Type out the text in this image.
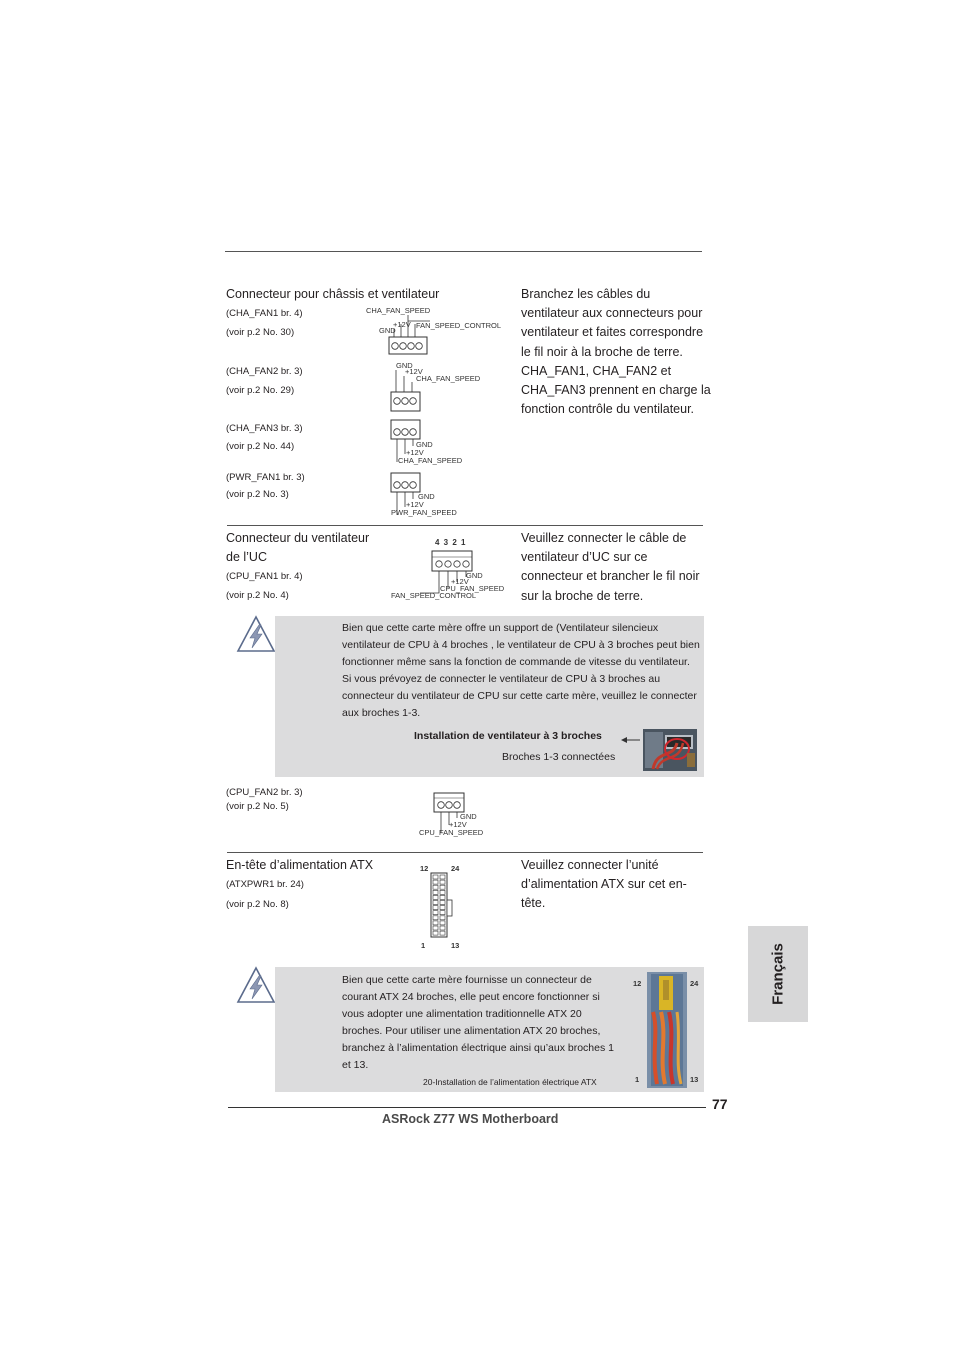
Connecteur pour châssis et ventilateur
(CHA_FAN1 br. 4)
(voir p.2 No. 30)
(CHA_FAN2 br. 3)
(voir p.2 No. 29)
(CHA_FAN3 br. 3)
(voir p.2 No. 44)
(PWR_FAN1 br. 3)
(voir p.2 No. 3)
Branchez les câbles du ventilateur aux connecteurs pour ventilateur et faites correspondre le fil noir à la broche de terre. CHA_FAN1, CHA_FAN2 et CHA_FAN3 prennent en charge la fonction contrôle du ventilateur.
CHA_FAN_SPEED
+12V
GND
FAN_SPEED_CONTROL
GND
+12V
CHA_FAN_SPEED
GND
+12V
CHA_FAN_SPEED
GND
+12V
PWR_FAN_SPEED
Connecteur du ventilateur
de l’UC
(CPU_FAN1 br. 4)
(voir p.2 No. 4)
Veuillez connecter le câble de ventilateur d’UC sur ce connecteur et brancher le fil noir sur la broche de terre.
4 3 2 1
GND
+12V
CPU_FAN_SPEED
FAN_SPEED_CONTROL
Bien que cette carte mère offre un support de (Ventilateur silencieux ventilateur de CPU à 4 broches , le ventilateur de CPU à 3 broches peut bien fonctionner même sans la fonction de commande de vitesse du ventilateur. Si vous prévoyez de connecter le ventilateur de CPU à 3 broches au connecteur du ventilateur de CPU sur cette carte mère, veuillez le connecter aux broches 1-3.
Installation de ventilateur à 3 broches
Broches 1-3 connectées
(CPU_FAN2 br. 3)
(voir p.2 No. 5)
GND
+12V
CPU_FAN_SPEED
En-tête d’alimentation ATX
(ATXPWR1 br. 24)
(voir p.2 No. 8)
Veuillez connecter l’unité d’alimentation ATX sur cet en-tête.
12	24
1	13
Bien que cette carte mère fournisse un connecteur de courant ATX 24 broches, elle peut encore fonctionner si vous adopter une alimentation traditionnelle ATX 20 broches. Pour utiliser une alimentation ATX 20 broches, branchez à l’alimentation électrique ainsi qu’aux broches 1 et 13.
20-Installation de l’alimentation électrique ATX
12	24
1	13
Français
77
ASRock Z77 WS Motherboard
